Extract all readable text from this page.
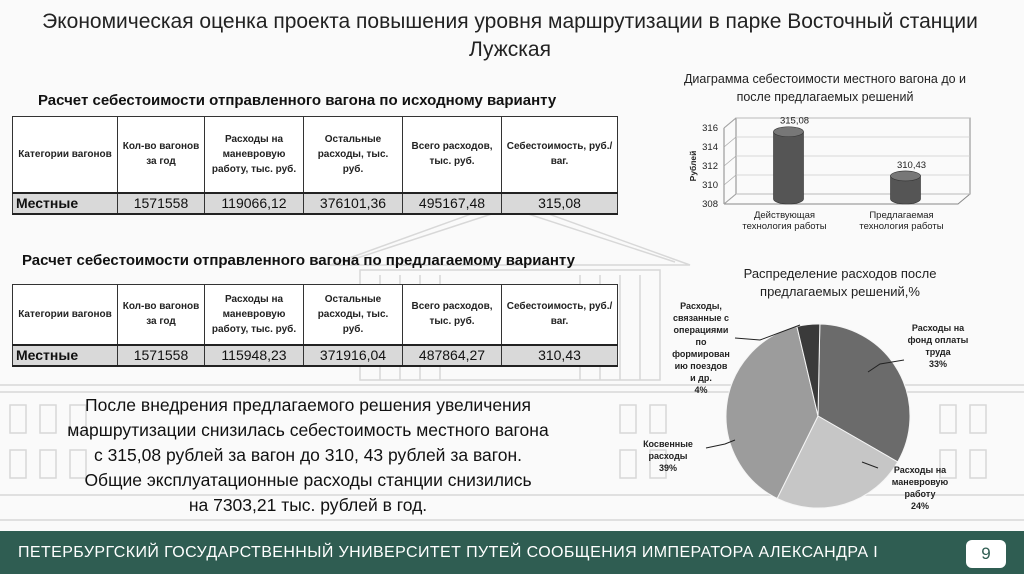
Экономическая оценка проекта повышения уровня маршрутизации в парке Восточный станции Лужская
Расчет себестоимости отправленного вагона по исходному варианту
Категории вагонов	Кол-во вагонов за год	Расходы на маневровую работу, тыс. руб.	Остальные расходы, тыс. руб.	Всего расходов, тыс. руб.	Себестоимость, руб./ваг.
Местные	1571558	119066,12	376101,36	495167,48	315,08
Расчет себестоимости отправленного вагона по предлагаемому варианту
Категории вагонов	Кол-во вагонов за год	Расходы на маневровую работу, тыс. руб.	Остальные расходы, тыс. руб.	Всего расходов, тыс. руб.	Себестоимость, руб./ваг.
Местные	1571558	115948,23	371916,04	487864,27	310,43
После внедрения предлагаемого решения увеличения
маршрутизации снизилась себестоимость местного вагона
с 315,08 рублей за вагон до 310, 43 рублей за вагон.
Общие эксплуатационные расходы станции снизились
на 7303,21 тыс. рублей в год.
Диаграмма себестоимости местного вагона до и после предлагаемых решений
316
314
312
310
308
Рублей
315,08
Действующая
технология работы
310,43
Предлагаемая
технология работы
Распределение расходов после предлагаемых решений,%
Расходы на
фонд оплаты
труда
33%
Расходы на
маневровую
работу
24%
Косвенные
расходы
39%
Расходы,
связанные с
операциями
по
формирован
ию поездов
и др.
4%
ПЕТЕРБУРГСКИЙ ГОСУДАРСТВЕННЫЙ УНИВЕРСИТЕТ ПУТЕЙ СООБЩЕНИЯ ИМПЕРАТОРА АЛЕКСАНДРА I	9
